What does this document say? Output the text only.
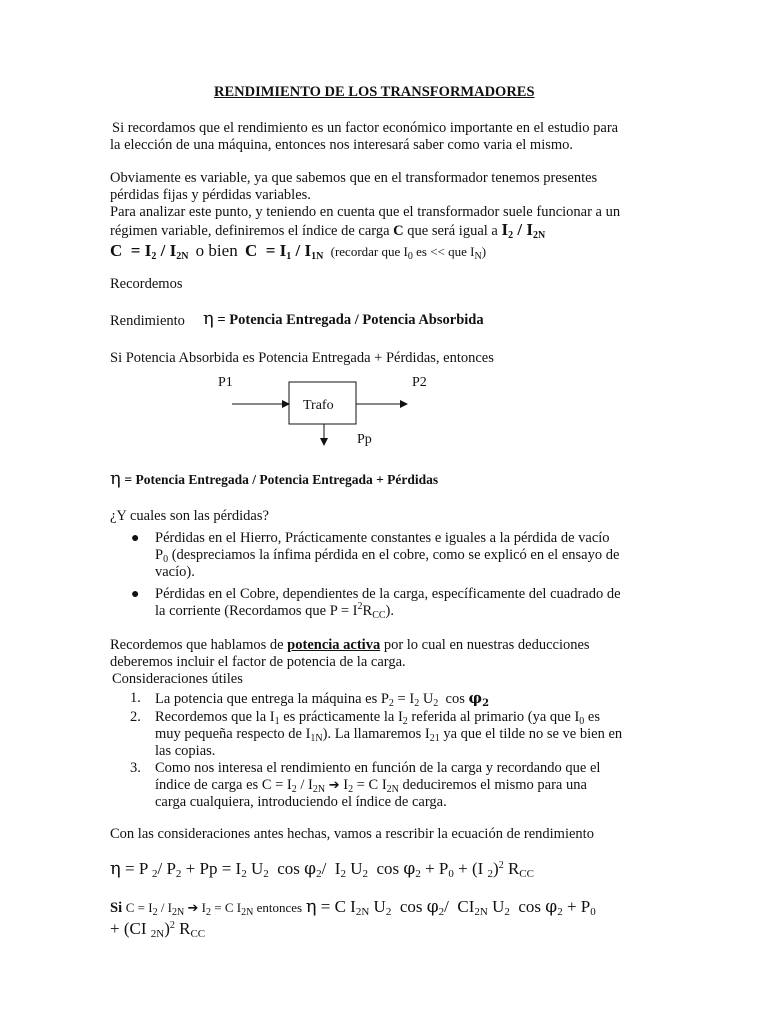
RENDIMIENTO DE LOS TRANSFORMADORES
Si recordamos que el rendimiento es un factor económico importante en el estudio para
la elección de una máquina, entonces nos interesará saber como varia el mismo.
Obviamente es variable, ya que sabemos que en el transformador tenemos presentes
pérdidas fijas y pérdidas variables.
Para analizar este punto, y teniendo en cuenta que el transformador suele funcionar a un
régimen variable, definiremos el índice de carga C que será igual a $I_2 / I_{2N}$
$C = I_2 / I_{2N}$ o bien $C = I_1 / I_{1N}$ (recordar que $I_0$ es << que $I_N$)
Recordemos
Rendimiento η = Potencia Entregada / Potencia Absorbida
Si Potencia Absorbida es Potencia Entregada + Pérdidas, entonces
P1	P2
Trafo
Pp
η = Potencia Entregada / Potencia Entregada + Pérdidas
¿Y cuales son las pérdidas?
● Pérdidas en el Hierro, Prácticamente constantes e iguales a la pérdida de vacío
$P_0$ (despreciamos la ínfima pérdida en el cobre, como se explicó en el ensayo de
vacío).
● Pérdidas en el Cobre, dependientes de la carga, específicamente del cuadrado de
la corriente (Recordamos que $P = I^2R_{CC}$).
Recordemos que hablamos de potencia activa por lo cual en nuestras deducciones
deberemos incluir el factor de potencia de la carga.
Consideraciones útiles
1. La potencia que entrega la máquina es $P_2 = I_2$ $U_2$ $\cos \varphi_2$
2. Recordemos que la $I_1$ es prácticamente la $I_2$ referida al primario (ya que $I_0$ es
muy pequeña respecto de $I_{1N}$). La llamaremos $I_{21}$ ya que el tilde no se ve bien en
las copias.
3. Como nos interesa el rendimiento en función de la carga y recordando que el
índice de carga es $C = I_2 / I_{2N}$ ➔ $I_2 = C$ $I_{2N}$ deduciremos el mismo para una
carga cualquiera, introduciendo el índice de carga.
Con las consideraciones antes hechas, vamos a rescribir la ecuación de rendimiento
η = P $_2$/ $P_2 + Pp = I_2$ $U_2$  $\cos \varphi_2/$  $I_2$ $U_2$  $\cos \varphi_2 + P_0 + (I$ $_2$)$^2$ $R_{CC}$
Si $C = I_2 / I_{2N}$ ➔ $I_2 = C$ $I_{2N}$ entonces η = C $I_{2N}$ $U_2$  $\cos \varphi_2/$  $CI_{2N}$ $U_2$  $\cos \varphi_2 + P_0$
+ (CI $_{2N}$)$^2$ $R_{CC}$
